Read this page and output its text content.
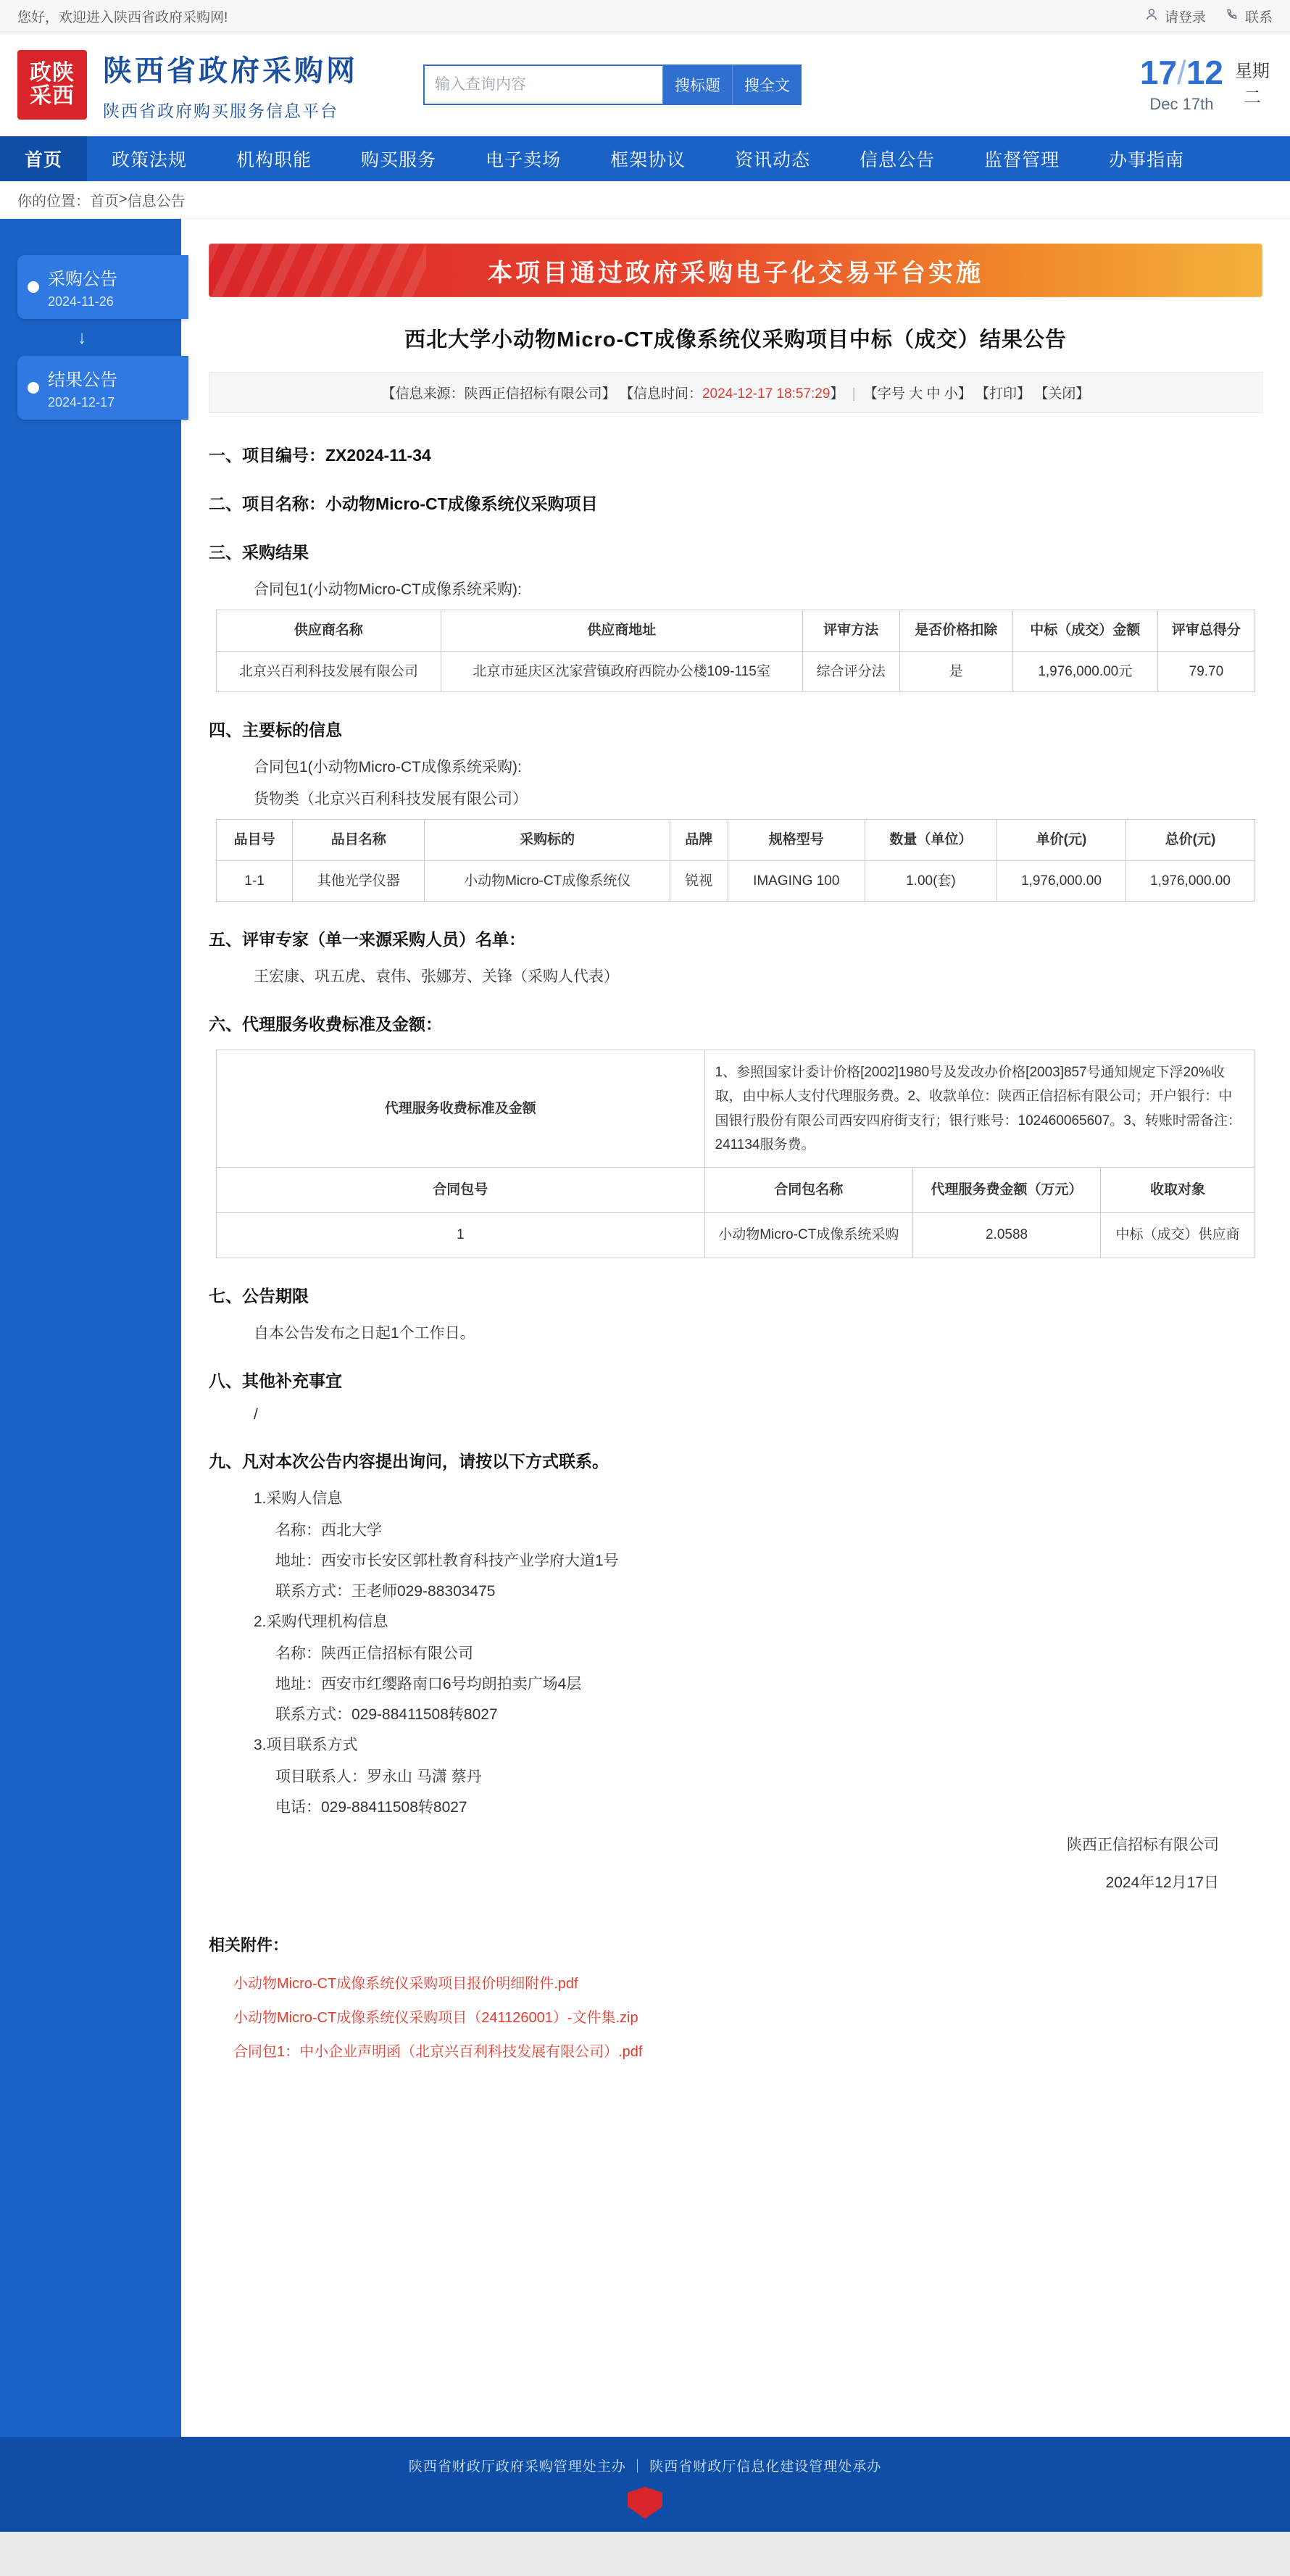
您好，欢迎进入陕西省政府采购网!	请登录	联系
政陕
采西
陕西省政府采购网
陕西省政府购买服务信息平台
输入查询内容
搜标题	搜全文	17/12
Dec 17th
星期
二
首页	政策法规	机构职能	购买服务	电子卖场	框架协议	资讯动态	信息公告	监督管理	办事指南
你的位置： 首页 > 信息公告
采购公告
2024-11-26
↓
结果公告
2024-12-17
本项目通过政府采购电子化交易平台实施
西北大学小动物Micro-CT成像系统仪采购项目中标（成交）结果公告
【信息来源：陕西正信招标有限公司】 【信息时间：2024-12-17 18:57:29】 | 【字号 大 中 小】 【打印】 【关闭】
一、项目编号：ZX2024-11-34
二、项目名称：小动物Micro-CT成像系统仪采购项目
三、采购结果

合同包1(小动物Micro-CT成像系统采购):

供应商名称	供应商地址	评审方法	是否价格扣除	中标（成交）金额	评审总得分
北京兴百利科技发展有限公司	北京市延庆区沈家营镇政府西院办公楼109-115室	综合评分法	是	1,976,000.00元	79.70
四、主要标的信息

合同包1(小动物Micro-CT成像系统采购):

货物类（北京兴百利科技发展有限公司）

品目号	品目名称	采购标的	品牌	规格型号	数量（单位）	单价(元)	总价(元)
1-1	其他光学仪器	小动物Micro-CT成像系统仪	锐视	IMAGING 100	1.00(套)	1,976,000.00	1,976,000.00
五、评审专家（单一来源采购人员）名单：

王宏康、巩五虎、袁伟、张娜芳、关锋（采购人代表）

六、代理服务收费标准及金额：
代理服务收费标准及金额	1、参照国家计委计价格[2002]1980号及发改办价格[2003]857号通知规定下浮20%收取，由中标人支付代理服务费。2、收款单位：陕西正信招标有限公司；开户银行：中国银行股份有限公司西安四府街支行；银行账号：102460065607。3、转账时需备注：241134服务费。		
合同包号	合同包名称	代理服务费金额（万元）	收取对象
1	小动物Micro-CT成像系统采购	2.0588	中标（成交）供应商
七、公告期限

自本公告发布之日起1个工作日。

八、其他补充事宜

/

九、凡对本次公告内容提出询问，请按以下方式联系。

1.采购人信息

名称：西北大学

地址：西安市长安区郭杜教育科技产业学府大道1号

联系方式：王老师029-88303475

2.采购代理机构信息

名称：陕西正信招标有限公司

地址：西安市红缨路南口6号均朗拍卖广场4层

联系方式：029-88411508转8027

3.项目联系方式

项目联系人：罗永山 马潇 蔡丹

电话：029-88411508转8027

陕西正信招标有限公司
2024年12月17日
相关附件：
小动物Micro-CT成像系统仪采购项目报价明细附件.pdf
小动物Micro-CT成像系统仪采购项目（241126001）-文件集.zip
合同包1：中小企业声明函（北京兴百利科技发展有限公司）.pdf
陕西省财政厅政府采购管理处主办 ｜ 陕西省财政厅信息化建设管理处承办
